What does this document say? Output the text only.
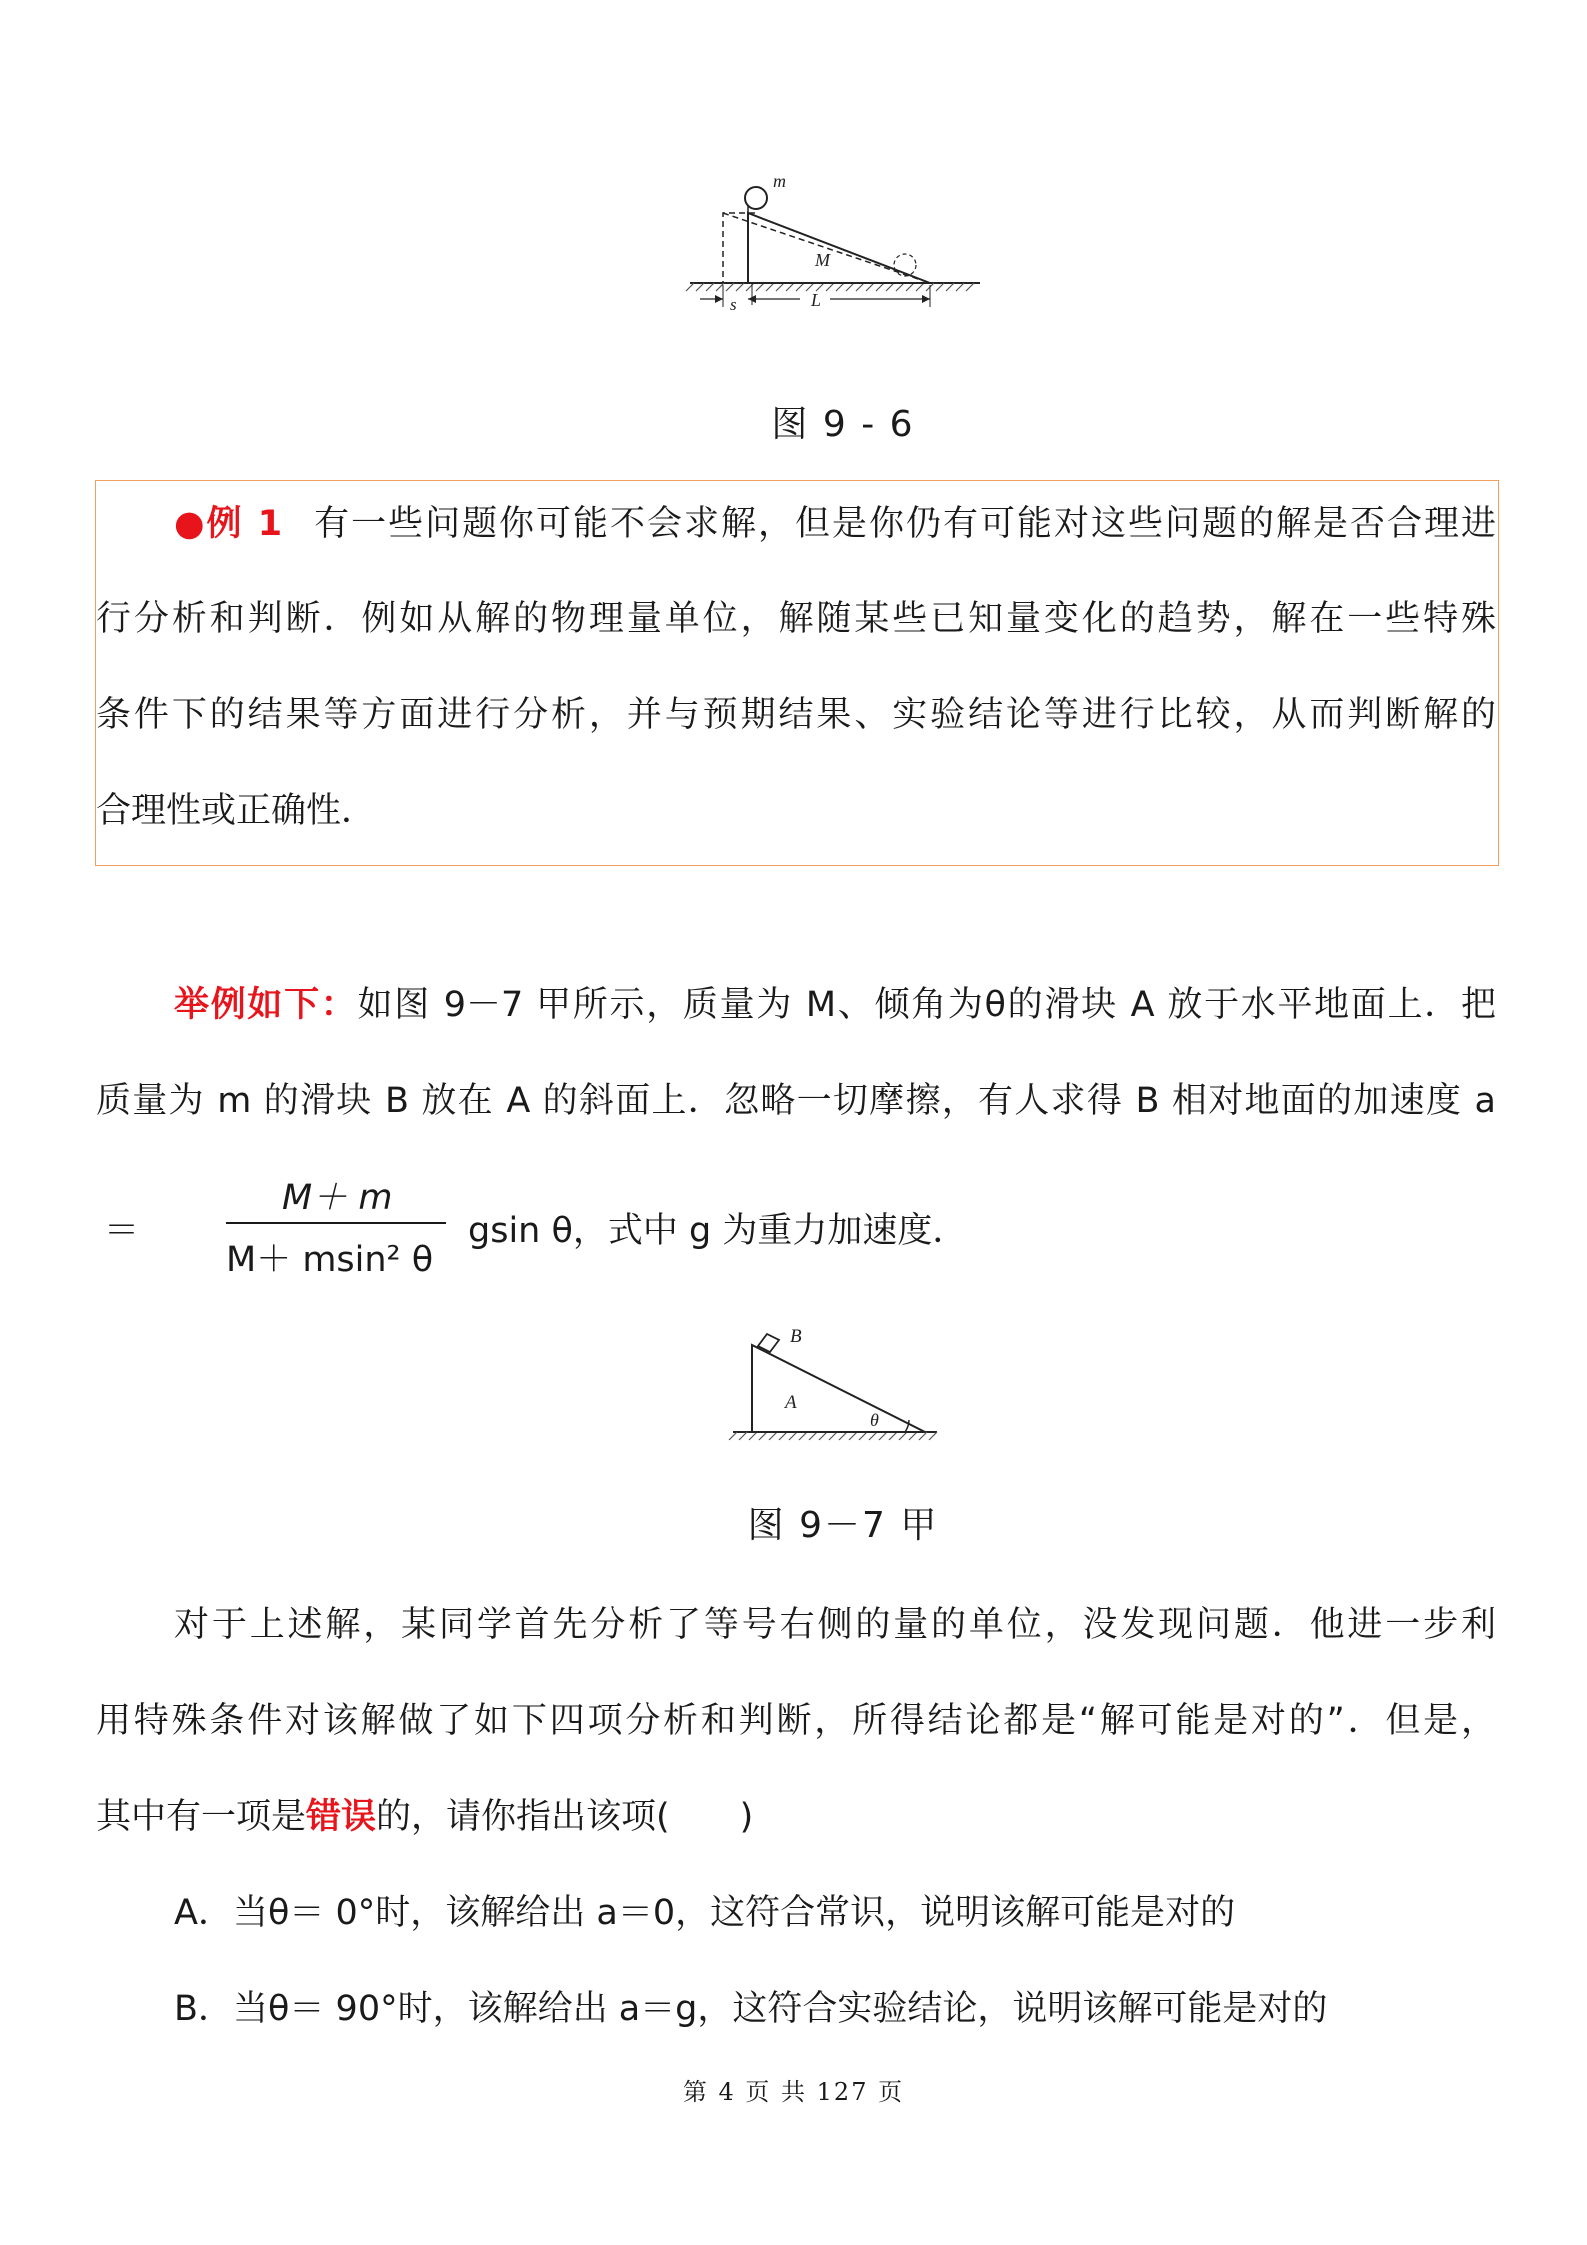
m
M
s	L
图 9 - 6
●例 1 有一些问题你可能不会求解，但是你仍有可能对这些问题的解是否合理进
行分析和判断．例如从解的物理量单位，解随某些已知量变化的趋势，解在一些特殊
条件下的结果等方面进行分析，并与预期结果、实验结论等进行比较，从而判断解的
合理性或正确性．
举例如下：如图 9－7 甲所示，质量为 M、倾角为θ的滑块 A 放于水平地面上．把
质量为 m 的滑块 B 放在 A 的斜面上．忽略一切摩擦，有人求得 B 相对地面的加速度 a
＝
M＋ m
M＋ msin² θ
gsin θ，式中 g 为重力加速度．
B
A
θ
图 9－7 甲
对于上述解，某同学首先分析了等号右侧的量的单位，没发现问题．他进一步利
用特殊条件对该解做了如下四项分析和判断，所得结论都是“解可能是对的”．但是，
其中有一项是错误的，请你指出该项(　　)
A．当θ＝ 0°时，该解给出 a＝0，这符合常识，说明该解可能是对的
B．当θ＝ 90°时，该解给出 a＝g，这符合实验结论，说明该解可能是对的
第 4 页 共 127 页
